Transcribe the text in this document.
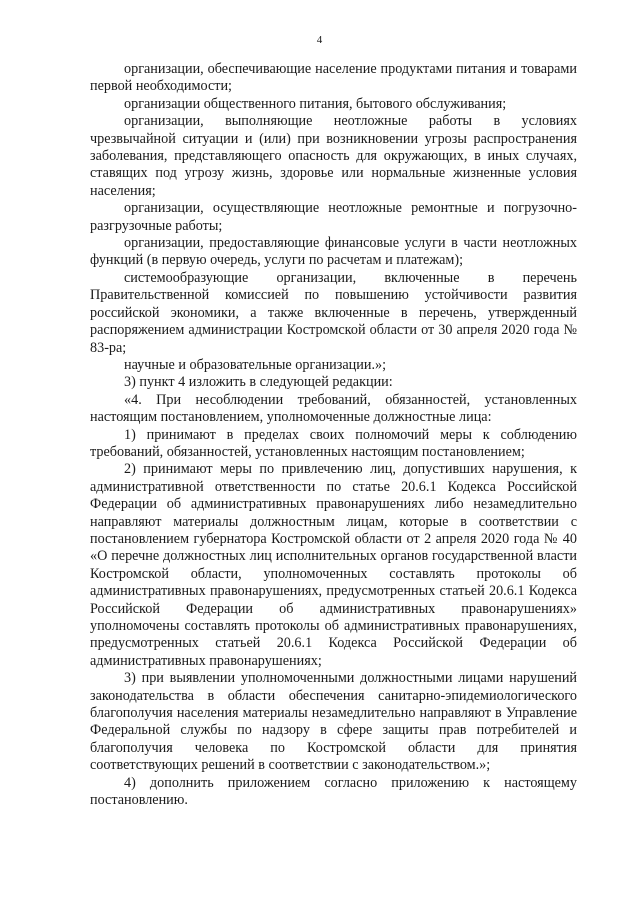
4

организации, обеспечивающие население продуктами питания и товарами первой необходимости;

организации общественного питания, бытового обслуживания;

организации, выполняющие неотложные работы в условиях чрезвычайной ситуации и (или) при возникновении угрозы распространения заболевания, представляющего опасность для окружающих, в иных случаях, ставящих под угрозу жизнь, здоровье или нормальные жизненные условия населения;

организации, осуществляющие неотложные ремонтные и погрузочно-разгрузочные работы;

организации, предоставляющие финансовые услуги в части неотложных функций (в первую очередь, услуги по расчетам и платежам);

системообразующие организации, включенные в перечень Правительственной комиссией по повышению устойчивости развития российской экономики, а также включенные в перечень, утвержденный распоряжением администрации Костромской области от 30 апреля 2020 года № 83-ра;

научные и образовательные организации.»;

3) пункт 4 изложить в следующей редакции:

«4. При несоблюдении требований, обязанностей, установленных настоящим постановлением, уполномоченные должностные лица:

1) принимают в пределах своих полномочий меры к соблюдению требований, обязанностей, установленных настоящим постановлением;

2) принимают меры по привлечению лиц, допустивших нарушения, к административной ответственности по статье 20.6.1 Кодекса Российской Федерации об административных правонарушениях либо незамедлительно направляют материалы должностным лицам, которые в соответствии с постановлением губернатора Костромской области от 2 апреля 2020 года № 40 «О перечне должностных лиц исполнительных органов государственной власти Костромской области, уполномоченных составлять протоколы об административных правонарушениях, предусмотренных статьей 20.6.1 Кодекса Российской Федерации об административных правонарушениях» уполномочены составлять протоколы об административных правонарушениях, предусмотренных статьей 20.6.1 Кодекса Российской Федерации об административных правонарушениях;

3) при выявлении уполномоченными должностными лицами нарушений законодательства в области обеспечения санитарно-эпидемиологического благополучия населения материалы незамедлительно направляют в Управление Федеральной службы по надзору в сфере защиты прав потребителей и благополучия человека по Костромской области для принятия соответствующих решений в соответствии с законодательством.»;

4) дополнить приложением согласно приложению к настоящему постановлению.
